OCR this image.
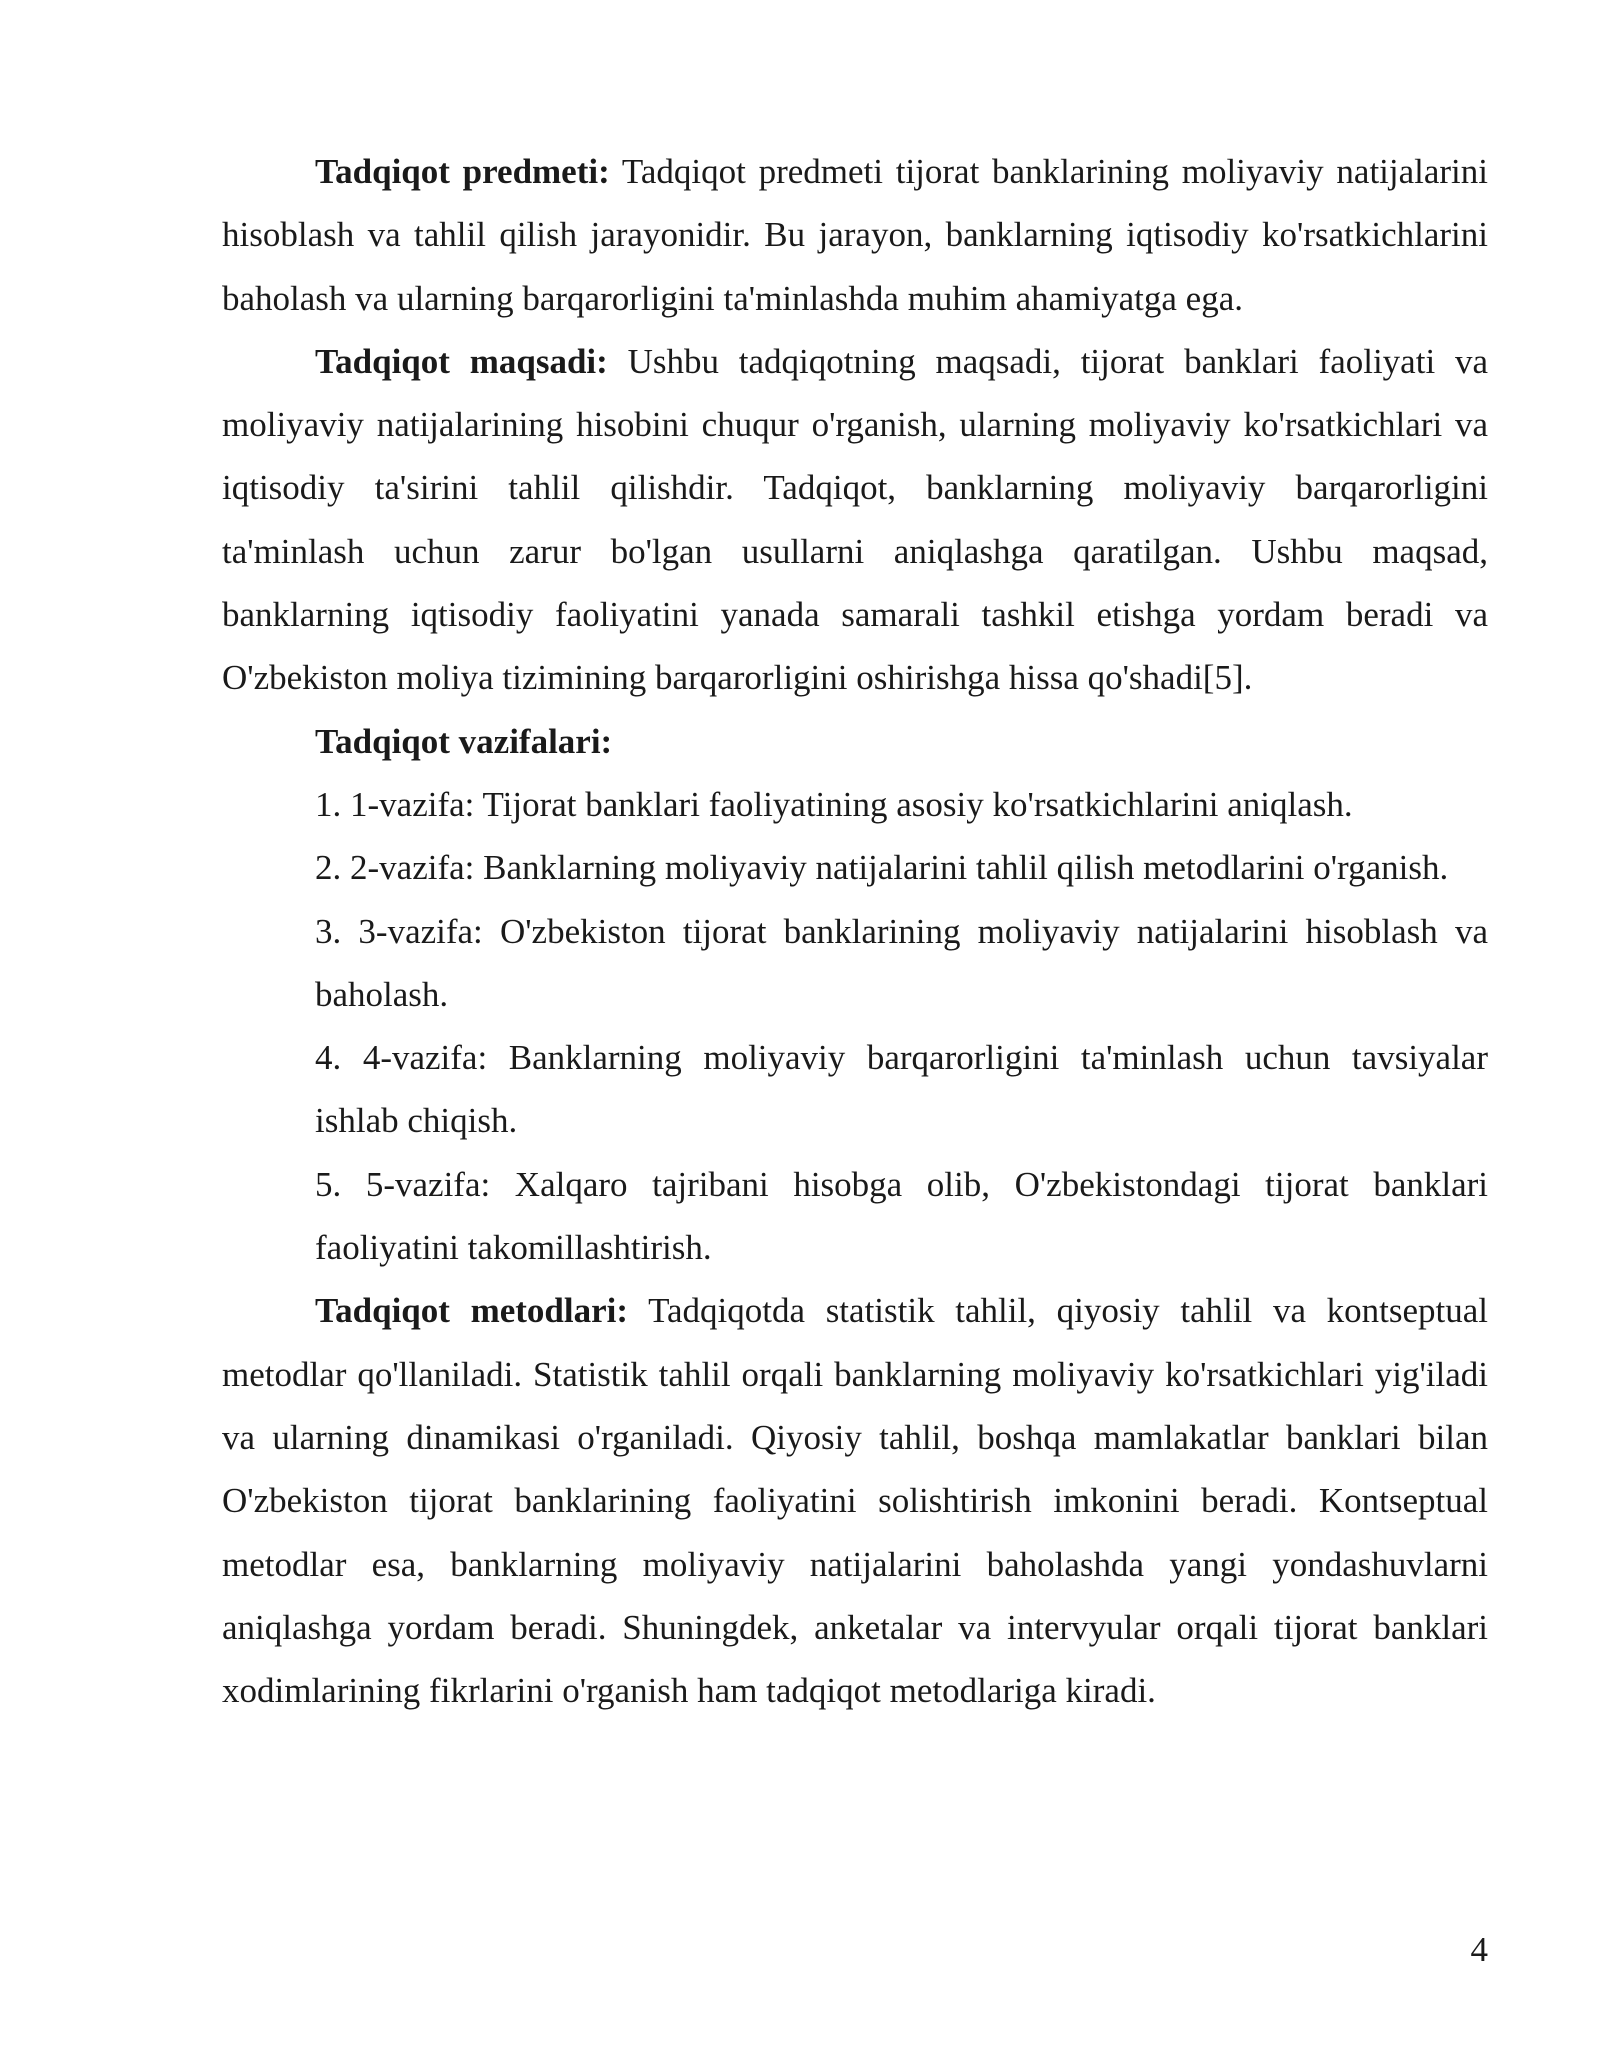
Tadqiqot predmeti: Tadqiqot predmeti tijorat banklarining moliyaviy natijalarini hisoblash va tahlil qilish jarayonidir. Bu jarayon, banklarning iqtisodiy ko'rsatkichlarini baholash va ularning barqarorligini ta'minlashda muhim ahamiyatga ega.

Tadqiqot maqsadi: Ushbu tadqiqotning maqsadi, tijorat banklari faoliyati va moliyaviy natijalarining hisobini chuqur o'rganish, ularning moliyaviy ko'rsatkichlari va iqtisodiy ta'sirini tahlil qilishdir. Tadqiqot, banklarning moliyaviy barqarorligini ta'minlash uchun zarur bo'lgan usullarni aniqlashga qaratilgan. Ushbu maqsad, banklarning iqtisodiy faoliyatini yanada samarali tashkil etishga yordam beradi va O'zbekiston moliya tizimining barqarorligini oshirishga hissa qo'shadi[5].

Tadqiqot vazifalari:

1. 1-vazifa: Tijorat banklari faoliyatining asosiy ko'rsatkichlarini aniqlash.

2. 2-vazifa: Banklarning moliyaviy natijalarini tahlil qilish metodlarini o'rganish.

3. 3-vazifa: O'zbekiston tijorat banklarining moliyaviy natijalarini hisoblash va baholash.

4. 4-vazifa: Banklarning moliyaviy barqarorligini ta'minlash uchun tavsiyalar ishlab chiqish.

5. 5-vazifa: Xalqaro tajribani hisobga olib, O'zbekistondagi tijorat banklari faoliyatini takomillashtirish.

Tadqiqot metodlari: Tadqiqotda statistik tahlil, qiyosiy tahlil va kontseptual metodlar qo'llaniladi. Statistik tahlil orqali banklarning moliyaviy ko'rsatkichlari yig'iladi va ularning dinamikasi o'rganiladi. Qiyosiy tahlil, boshqa mamlakatlar banklari bilan O'zbekiston tijorat banklarining faoliyatini solishtirish imkonini beradi. Kontseptual metodlar esa, banklarning moliyaviy natijalarini baholashda yangi yondashuvlarni aniqlashga yordam beradi. Shuningdek, anketalar va intervyular orqali tijorat banklari xodimlarining fikrlarini o'rganish ham tadqiqot metodlariga kiradi.

4
